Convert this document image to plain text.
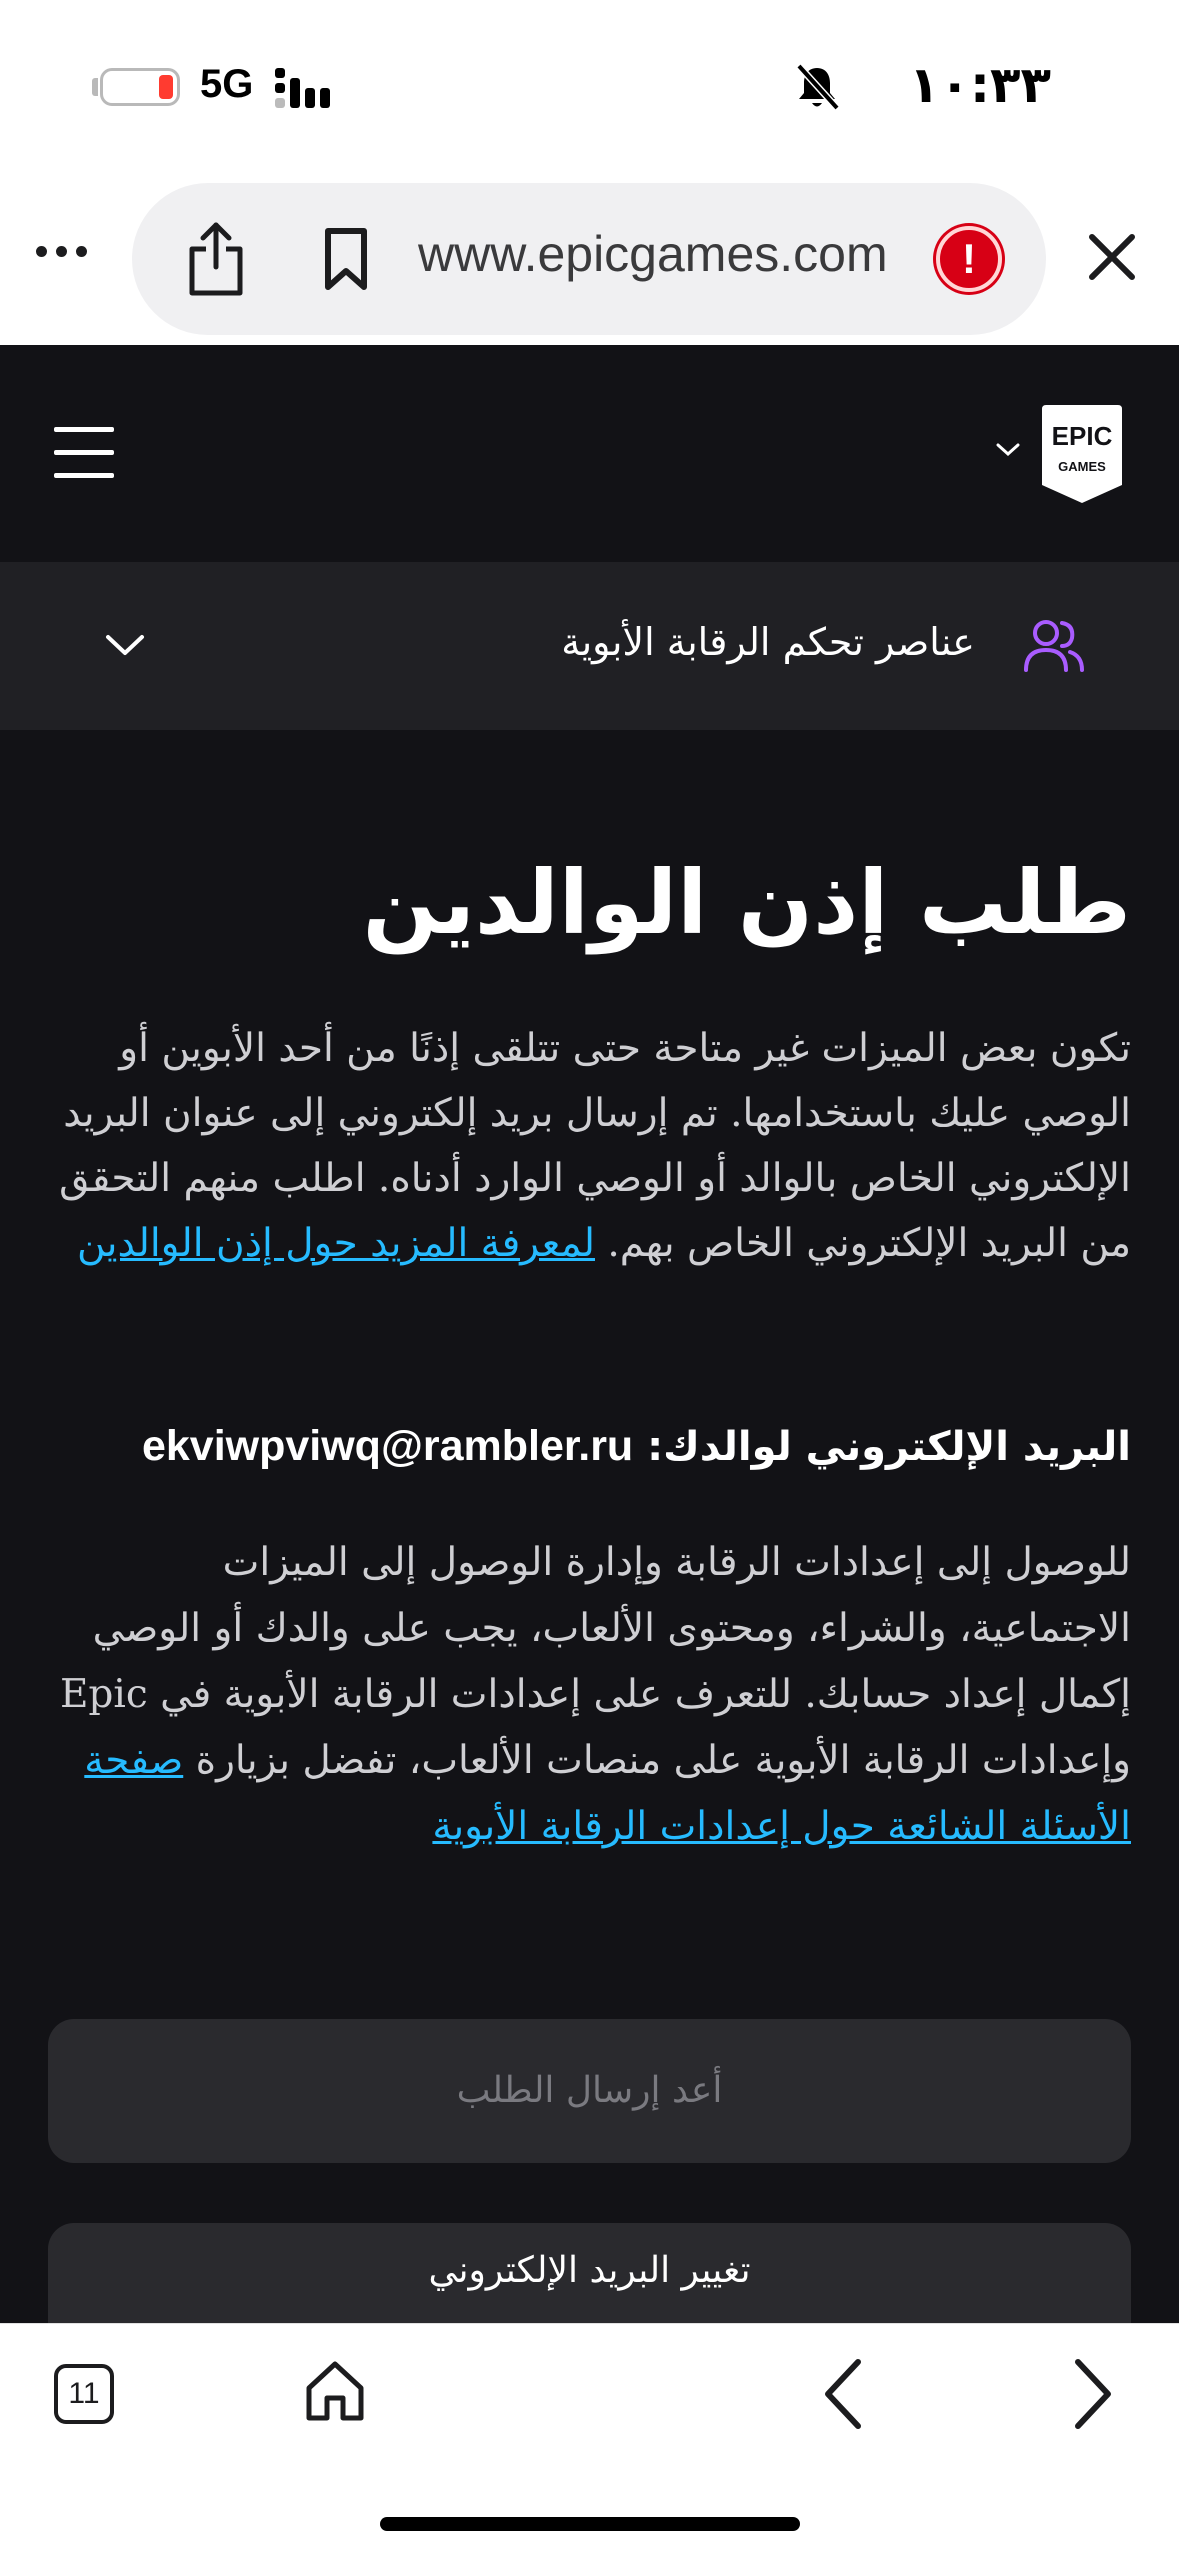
5G	١٠:٣٣
www.epicgames.com	!
EPIC
GAMES
عناصر تحكم الرقابة الأبوية
طلب إذن الوالدين

تكون بعض الميزات غير متاحة حتى تتلقى إذنًا من أحد الأبوين أو الوصي عليك باستخدامها. تم إرسال بريد إلكتروني إلى عنوان البريد الإلكتروني الخاص بالوالد أو الوصي الوارد أدناه. اطلب منهم التحقق من البريد الإلكتروني الخاص بهم. لمعرفة المزيد حول إذن الوالدين

البريد الإلكتروني لوالدك: ekviwpviwq@rambler.ru

للوصول إلى إعدادات الرقابة وإدارة الوصول إلى الميزات الاجتماعية، والشراء، ومحتوى الألعاب، يجب على والدك أو الوصي إكمال إعداد حسابك. للتعرف على إعدادات الرقابة الأبوية في Epic وإعدادات الرقابة الأبوية على منصات الألعاب، تفضل بزيارة صفحة الأسئلة الشائعة حول إعدادات الرقابة الأبوية

أعد إرسال الطلب
تغيير البريد الإلكتروني
11
